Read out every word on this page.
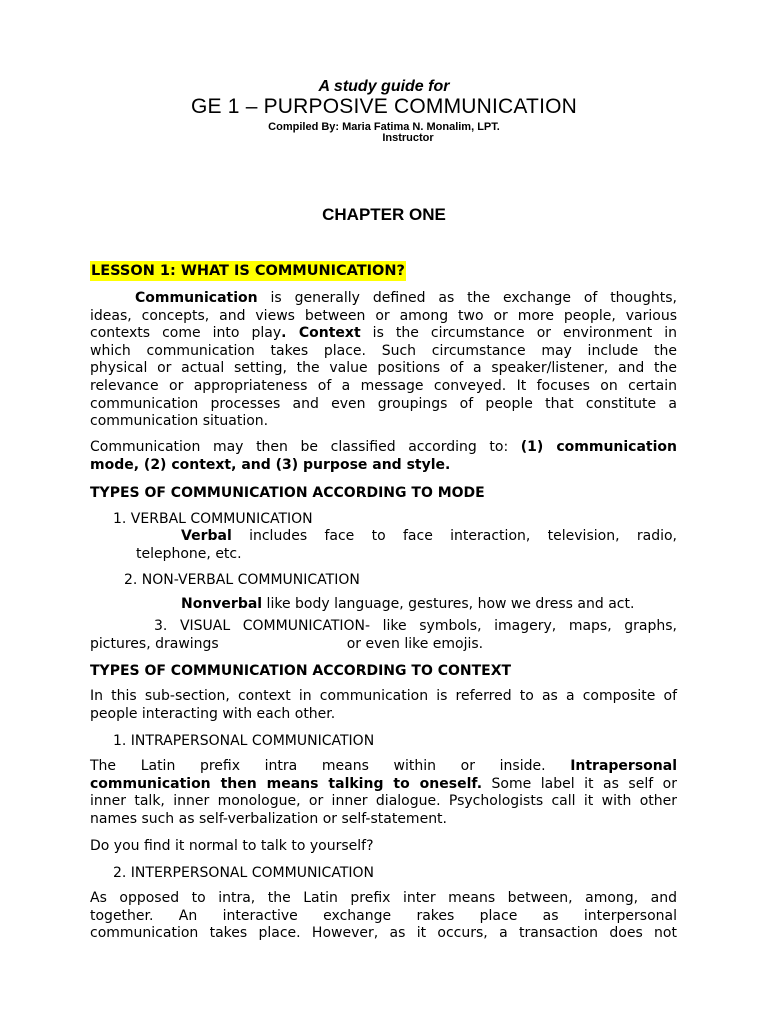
A study guide for
GE 1 – PURPOSIVE COMMUNICATION
Compiled By: Maria Fatima N. Monalim, LPT.
Instructor
CHAPTER ONE
LESSON 1: WHAT IS COMMUNICATION?
Communication is generally defined as the exchange of thoughts,
ideas, concepts, and views between or among two or more people, various
contexts come into play. Context is the circumstance or environment in
which communication takes place. Such circumstance may include the
physical or actual setting, the value positions of a speaker/listener, and the
relevance or appropriateness of a message conveyed. It focuses on certain
communication processes and even groupings of people that constitute a
communication situation.
Communication may then be classified according to: (1) communication
mode, (2) context, and (3) purpose and style.
TYPES OF COMMUNICATION ACCORDING TO MODE
1. VERBAL COMMUNICATION
Verbal includes face to face interaction, television, radio,
telephone, etc.
2. NON-VERBAL COMMUNICATION
Nonverbal like body language, gestures, how we dress and act.
3. VISUAL COMMUNICATION- like symbols, imagery, maps, graphs,
pictures, drawings	or even like emojis.
TYPES OF COMMUNICATION ACCORDING TO CONTEXT
In this sub-section, context in communication is referred to as a composite of
people interacting with each other.
1. INTRAPERSONAL COMMUNICATION
The Latin prefix intra means within or inside. Intrapersonal
communication then means talking to oneself. Some label it as self or
inner talk, inner monologue, or inner dialogue. Psychologists call it with other
names such as self-verbalization or self-statement.
Do you find it normal to talk to yourself?
2. INTERPERSONAL COMMUNICATION
As opposed to intra, the Latin prefix inter means between, among, and
together. An interactive exchange rakes place as interpersonal
communication takes place. However, as it occurs, a transaction does not
